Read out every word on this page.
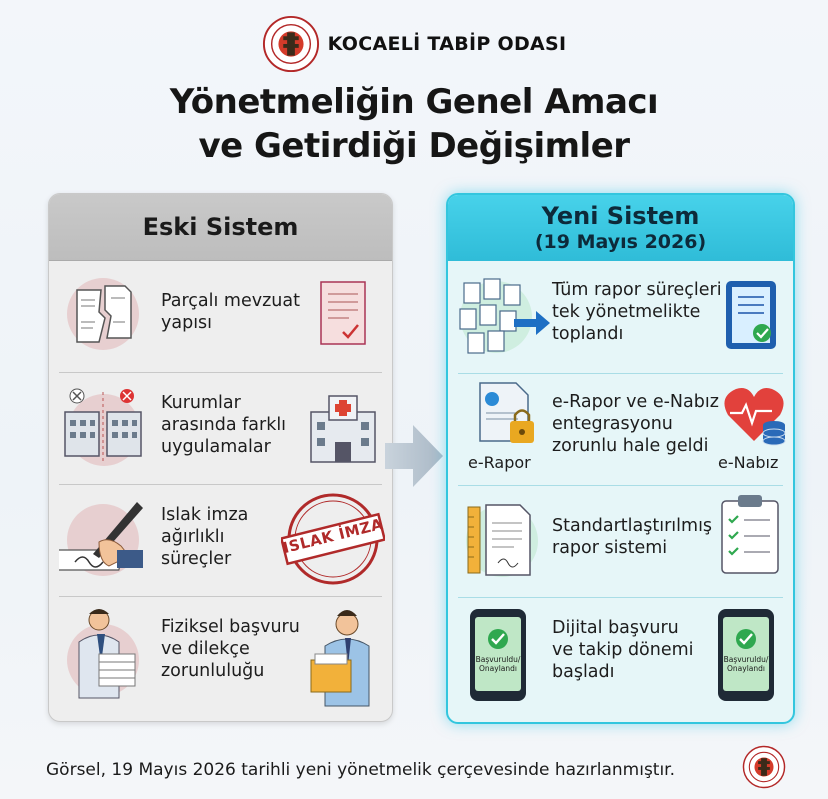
KOCAELİ TABİP ODASI
Yönetmeliğin Genel Amacı
ve Getirdiği Değişimler
Eski Sistem
Parçalı mevzuat
yapısı
Kurumlar
arasında farklı
uygulamalar
Islak imza
ağırlıklı
süreçler
ISLAK İMZA
Fiziksel başvuru
ve dilekçe
zorunluluğu
Yeni Sistem
(19 Mayıs 2026)
Tüm rapor süreçleri
tek yönetmelikte
toplandı
e-Rapor
e-Rapor ve e-Nabız
entegrasyonu
zorunlu hale geldi
e-Nabız
Standartlaştırılmış
rapor sistemi
Başvuruldu/ Onaylandı
Dijital başvuru
ve takip dönemi
başladı
Başvuruldu/ Onaylandı
Görsel, 19 Mayıs 2026 tarihli yeni yönetmelik çerçevesinde hazırlanmıştır.
